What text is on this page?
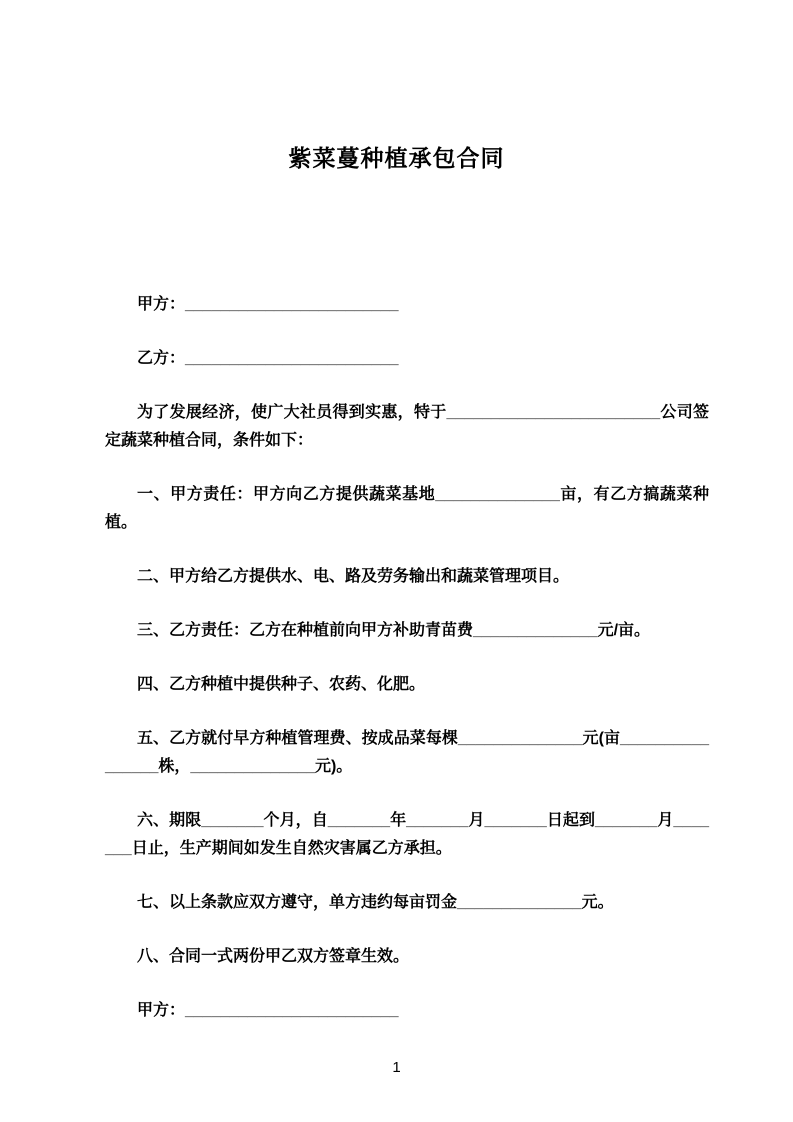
紫菜蔓种植承包合同

甲方：________________________

乙方：________________________

为了发展经济，使广大社员得到实惠，特于________________________公司签定蔬菜种植合同，条件如下：

一、甲方责任：甲方向乙方提供蔬菜基地______________亩，有乙方搞蔬菜种植。

二、甲方给乙方提供水、电、路及劳务输出和蔬菜管理项目。

三、乙方责任：乙方在种植前向甲方补助青苗费______________元/亩。

四、乙方种植中提供种子、农药、化肥。

五、乙方就付早方种植管理费、按成品菜每棵______________元(亩________________株，______________元)。

六、期限_______个月，自_______年_______月_______日起到_______月_______日止，生产期间如发生自然灾害属乙方承担。

七、以上条款应双方遵守，单方违约每亩罚金______________元。

八、合同一式两份甲乙双方签章生效。

甲方：________________________

1
